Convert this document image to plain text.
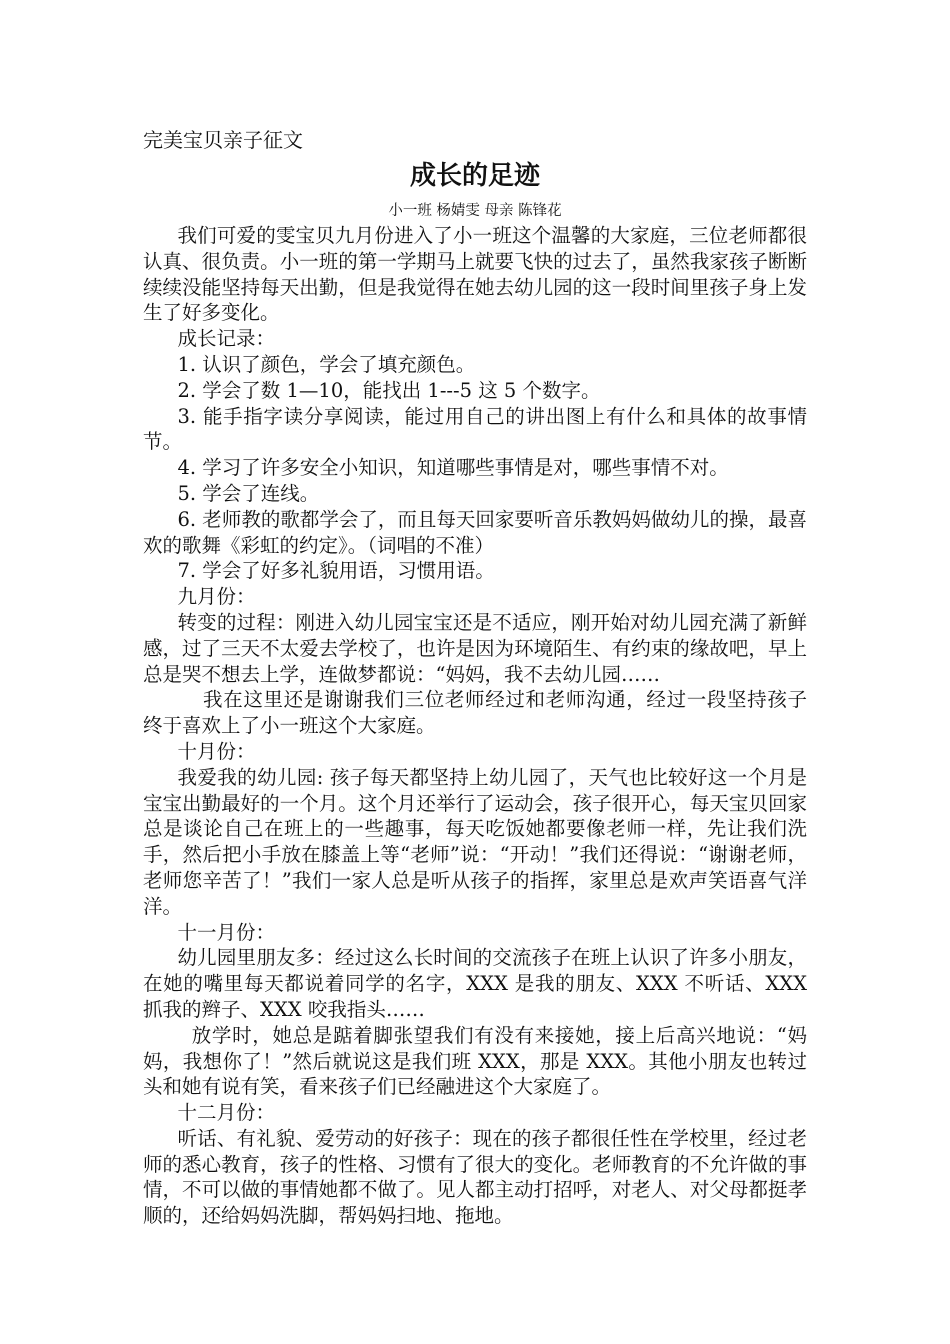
完美宝贝亲子征文
成长的足迹
小一班 杨婧雯 母亲 陈锋花

我们可爱的雯宝贝九月份进入了小一班这个温馨的大家庭，三位老师都很认真、很负责。小一班的第一学期马上就要飞快的过去了，虽然我家孩子断断续续没能坚持每天出勤，但是我觉得在她去幼儿园的这一段时间里孩子身上发生了好多变化。

成长记录：

1. 认识了颜色，学会了填充颜色。

2. 学会了数 1—10，能找出 1---5 这 5 个数字。

3. 能手指字读分享阅读，能过用自己的讲出图上有什么和具体的故事情节。

4. 学习了许多安全小知识，知道哪些事情是对，哪些事情不对。

5. 学会了连线。

6. 老师教的歌都学会了，而且每天回家要听音乐教妈妈做幼儿的操，最喜欢的歌舞《彩虹的约定》。（词唱的不准）

7. 学会了好多礼貌用语，习惯用语。

九月份：

转变的过程：刚进入幼儿园宝宝还是不适应，刚开始对幼儿园充满了新鲜感，过了三天不太爱去学校了，也许是因为环境陌生、有约束的缘故吧，早上总是哭不想去上学，连做梦都说：“妈妈，我不去幼儿园……

我在这里还是谢谢我们三位老师经过和老师沟通，经过一段坚持孩子终于喜欢上了小一班这个大家庭。

十月份：

我爱我的幼儿园: 孩子每天都坚持上幼儿园了，天气也比较好这一个月是宝宝出勤最好的一个月。这个月还举行了运动会，孩子很开心，每天宝贝回家总是谈论自己在班上的一些趣事，每天吃饭她都要像老师一样，先让我们洗手，然后把小手放在膝盖上等“老师”说：“开动！”我们还得说：“谢谢老师，老师您辛苦了！”我们一家人总是听从孩子的指挥，家里总是欢声笑语喜气洋洋。

十一月份：

幼儿园里朋友多：经过这么长时间的交流孩子在班上认识了许多小朋友，在她的嘴里每天都说着同学的名字，XXX 是我的朋友、XXX 不听话、XXX 抓我的辫子、XXX 咬我指头……

放学时，她总是踮着脚张望我们有没有来接她，接上后高兴地说：“妈妈，我想你了！”然后就说这是我们班 XXX，那是 XXX。其他小朋友也转过头和她有说有笑，看来孩子们已经融进这个大家庭了。

十二月份：

听话、有礼貌、爱劳动的好孩子：现在的孩子都很任性在学校里，经过老师的悉心教育，孩子的性格、习惯有了很大的变化。老师教育的不允许做的事情，不可以做的事情她都不做了。见人都主动打招呼，对老人、对父母都挺孝顺的，还给妈妈洗脚，帮妈妈扫地、拖地。
